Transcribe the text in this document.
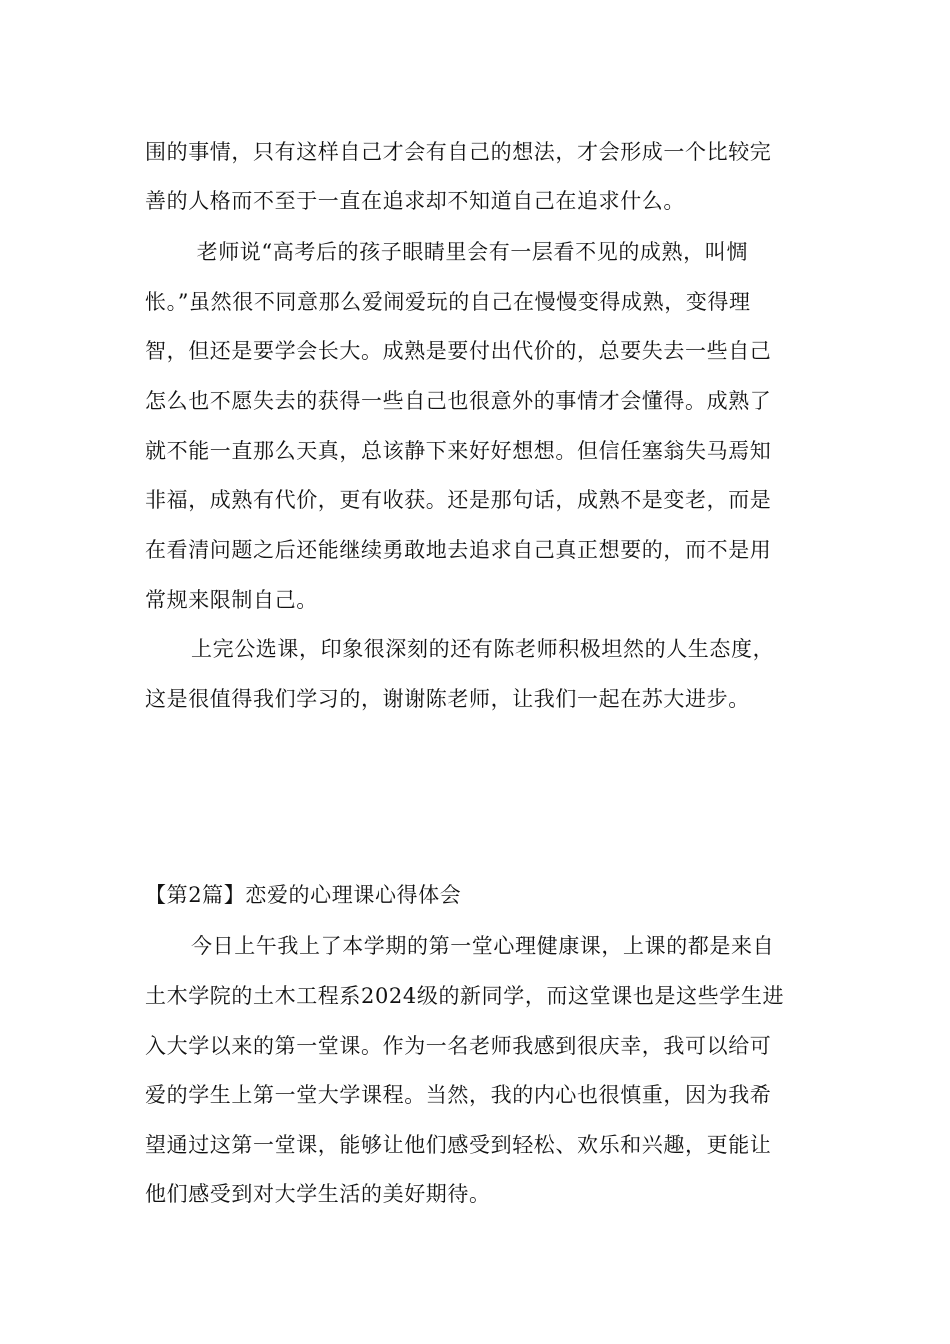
围的事情，只有这样自己才会有自己的想法，才会形成一个比较完
善的人格而不至于一直在追求却不知道自己在追求什么。
　老师说“高考后的孩子眼睛里会有一层看不见的成熟，叫惆
怅。”虽然很不同意那么爱闹爱玩的自己在慢慢变得成熟，变得理
智，但还是要学会长大。成熟是要付出代价的，总要失去一些自己
怎么也不愿失去的获得一些自己也很意外的事情才会懂得。成熟了
就不能一直那么天真，总该静下来好好想想。但信任塞翁失马焉知
非福，成熟有代价，更有收获。还是那句话，成熟不是变老，而是
在看清问题之后还能继续勇敢地去追求自己真正想要的，而不是用
常规来限制自己。
上完公选课，印象很深刻的还有陈老师积极坦然的人生态度，
这是很值得我们学习的，谢谢陈老师，让我们一起在苏大进步。
【第2篇】恋爱的心理课心得体会
今日上午我上了本学期的第一堂心理健康课，上课的都是来自
土木学院的土木工程系2024级的新同学，而这堂课也是这些学生进
入大学以来的第一堂课。作为一名老师我感到很庆幸，我可以给可
爱的学生上第一堂大学课程。当然，我的内心也很慎重，因为我希
望通过这第一堂课，能够让他们感受到轻松、欢乐和兴趣，更能让
他们感受到对大学生活的美好期待。
